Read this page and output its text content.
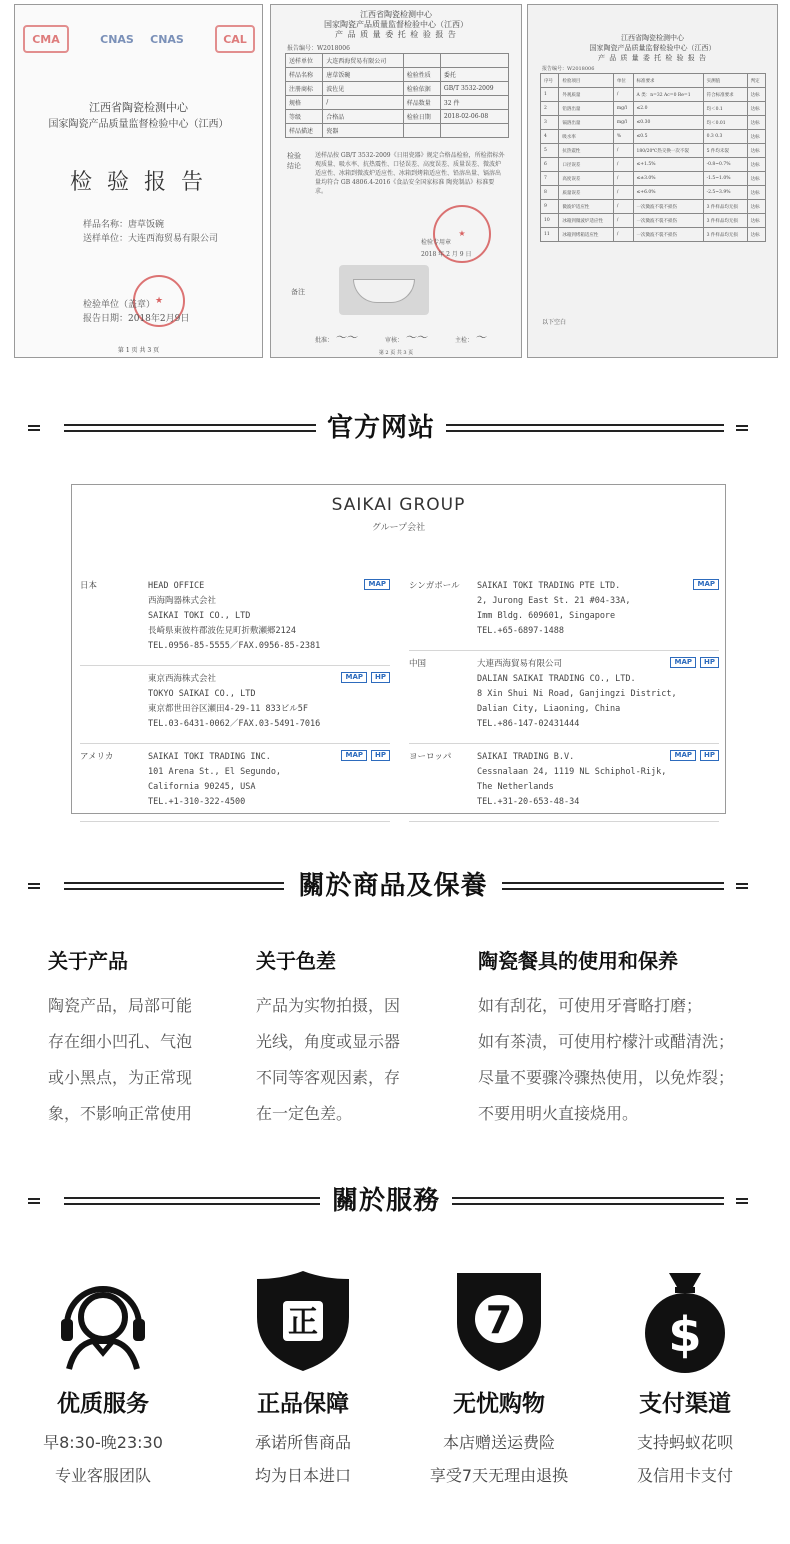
CMA	CNAS	CNAS	CAL
江西省陶瓷检测中心
国家陶瓷产品质量监督检验中心（江西）
检 验 报 告
样品名称：唐草饭碗
送样单位：大连西海贸易有限公司
★
检验单位（盖章）
报告日期：2018年2月9日
第 1 页 共 3 页
江西省陶瓷检测中心
国家陶瓷产品质量监督检验中心（江西）
产 品 质 量 委 托 检 验 报 告
报告编号：W2018006
送样单位	大连西海贸易有限公司		
样品名称	唐草饭碗	检验性质	委托
注册商标	波佐见	检验依据	GB/T 3532-2009
规格	/	样品数量	32 件
等级	合格品	检验日期	2018-02-06-08
样品描述	瓷器		
检验结论
送样品按 GB/T 3532-2009《日用瓷器》规定合格品检验，所检指标外观质量、吸水率、抗热震性、口径误差、高度误差、质量误差、微波炉适应性、冰箱到微波炉适应性、冰箱到烤箱适应性、铅溶出量、镉溶出量均符合 GB 4806.4-2016《食品安全国家标准 陶瓷制品》标准要求。
★
检验专用章
2018 年 2 月 9 日
备注
批准： 〜〜	审核： 〜〜	主检： 〜
第 2 页 共 3 页
江西省陶瓷检测中心
国家陶瓷产品质量监督检验中心（江西）
产 品 质 量 委 托 检 验 报 告
报告编号：W2018006
序号	检验项目	单位	标准要求	实测值	判定
1	外观质量	/	A 类：n=32 Ac=0 Re=1	符合标准要求	达标
2	铅溶出量	mg/l	≤2.0	均＜0.1	达标
3	镉溶出量	mg/l	≤0.30	均＜0.01	达标
4	吸水率	%	≤0.5	0.3 0.3	达标
5	抗热震性	/	180/20℃热交换一次不裂	5 件均未裂	达标
6	口径误差	/	≤+1.5%	-0.8~0.7%	达标
7	高度误差	/	≤±3.0%	-1.5~1.0%	达标
8	质量误差	/	≤+6.0%	-2.5~3.9%	达标
9	微波炉适应性	/	一次微波不裂不损伤	3 件样品均无损	达标
10	冰箱到微波炉适应性	/	一次微波不裂不损伤	3 件样品均无损	达标
11	冰箱到烤箱适应性	/	一次微波不裂不损伤	3 件样品均无损	达标
以下空白
官方网站
SAIKAI GROUP
グループ会社
日本	HEAD OFFICE
西海陶器株式会社
SAIKAI TOKI CO., LTD
長崎県東彼杵郡波佐見町折敷瀬郷2124
TEL.0956-85-5555／FAX.0956-85-2381
MAP
東京西海株式会社
TOKYO SAIKAI CO., LTD
東京都世田谷区瀬田4-29-11 833ビル5F
TEL.03-6431-0062／FAX.03-5491-7016
MAP	HP
アメリカ	SAIKAI TOKI TRADING INC.
101 Arena St., El Segundo,
California 90245, USA
TEL.+1-310-322-4500
MAP	HP
シンガポール SAIKAI TOKI TRADING PTE LTD.
2, Jurong East St. 21 #04-33A,
Imm Bldg. 609601, Singapore
TEL.+65-6897-1488
MAP
中国	大連西海貿易有限公司
DALIAN SAIKAI TRADING CO., LTD.
8 Xin Shui Ni Road, Ganjingzi District,
Dalian City, Liaoning, China
TEL.+86-147-02431444
MAP	HP
ヨーロッパ	SAIKAI TRADING B.V.
Cessnalaan 24, 1119 NL Schiphol-Rijk,
The Netherlands
TEL.+31-20-653-48-34
MAP	HP
關於商品及保養
关于产品
陶瓷产品，局部可能
存在细小凹孔、气泡
或小黑点，为正常现
象，不影响正常使用
关于色差
产品为实物拍摄，因
光线，角度或显示器
不同等客观因素，存
在一定色差。
陶瓷餐具的使用和保养
如有刮花，可使用牙膏略打磨；
如有茶渍，可使用柠檬汁或醋清洗；
尽量不要骤冷骤热使用，以免炸裂；
不要用明火直接烧用。
關於服務
优质服务
早8:30-晚23:30
专业客服团队
正
正品保障
承诺所售商品
均为日本进口
7
无忧购物
本店赠送运费险
享受7天无理由退换
$
支付渠道
支持蚂蚁花呗
及信用卡支付
